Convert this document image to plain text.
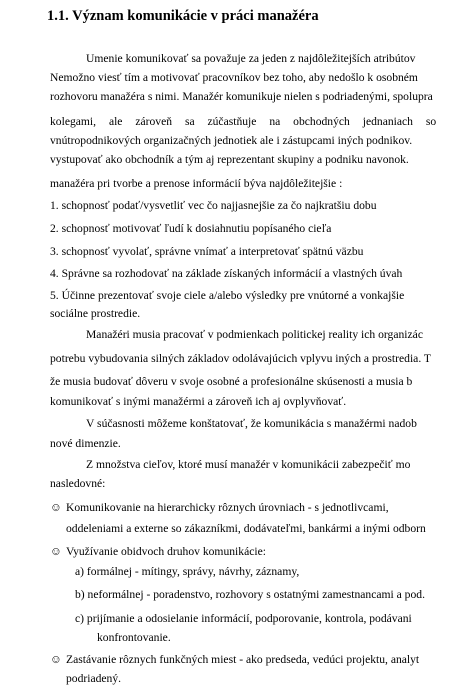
1.1. Význam komunikácie v práci manažéra
Umenie komunikovať sa považuje za jeden z najdôležitejších atribútov
Nemožno viesť tím a motivovať pracovníkov bez toho, aby nedošlo k osobném
rozhovoru manažéra s nimi. Manažér komunikuje nielen s podriadenými, spolupra
kolegami, ale zároveň sa zúčastňuje na obchodných jednaniach so
vnútropodnikových organizačných jednotiek ale i zástupcami iných podnikov.
vystupovať ako obchodník a tým aj reprezentant skupiny a podniku navonok.
manažéra pri tvorbe a prenose informácií býva najdôležitejšie :
1. schopnosť podať/vysvetliť vec čo najjasnejšie za čo najkratšiu dobu
2. schopnosť motivovať ľudí k dosiahnutiu popísaného cieľa
3. schopnosť vyvolať, správne vnímať a interpretovať spätnú väzbu
4. Správne sa rozhodovať na základe získaných informácií a vlastných úvah
5. Účinne prezentovať svoje ciele a/alebo výsledky pre vnútorné a vonkajšie
sociálne prostredie.
Manažéri musia pracovať v podmienkach politickej reality ich organizác
potrebu vybudovania silných základov odolávajúcich vplyvu iných a prostredia. T
že musia budovať dôveru v svoje osobné a profesionálne skúsenosti a musia b
komunikovať s inými manažérmi a zároveň ich aj ovplyvňovať.
V súčasnosti môžeme konštatovať, že komunikácia s manažérmi nadob
nové dimenzie.
Z množstva cieľov, ktoré musí manažér v komunikácii zabezpečiť mo
nasledovné:
☺ Komunikovanie na hierarchicky rôznych úrovniach - s jednotlivcami,
oddeleniami a externe so zákazníkmi, dodávateľmi, bankármi a inými odborn
☺ Využívanie obidvoch druhov komunikácie:
a) formálnej - mítingy, správy, návrhy, záznamy,
b) neformálnej - poradenstvo, rozhovory s ostatnými zamestnancami a pod.
c) prijímanie a odosielanie informácií, podporovanie, kontrola, podávani
konfrontovanie.
☺ Zastávanie rôznych funkčných miest - ako predseda, vedúci projektu, analyt
podriadený.
